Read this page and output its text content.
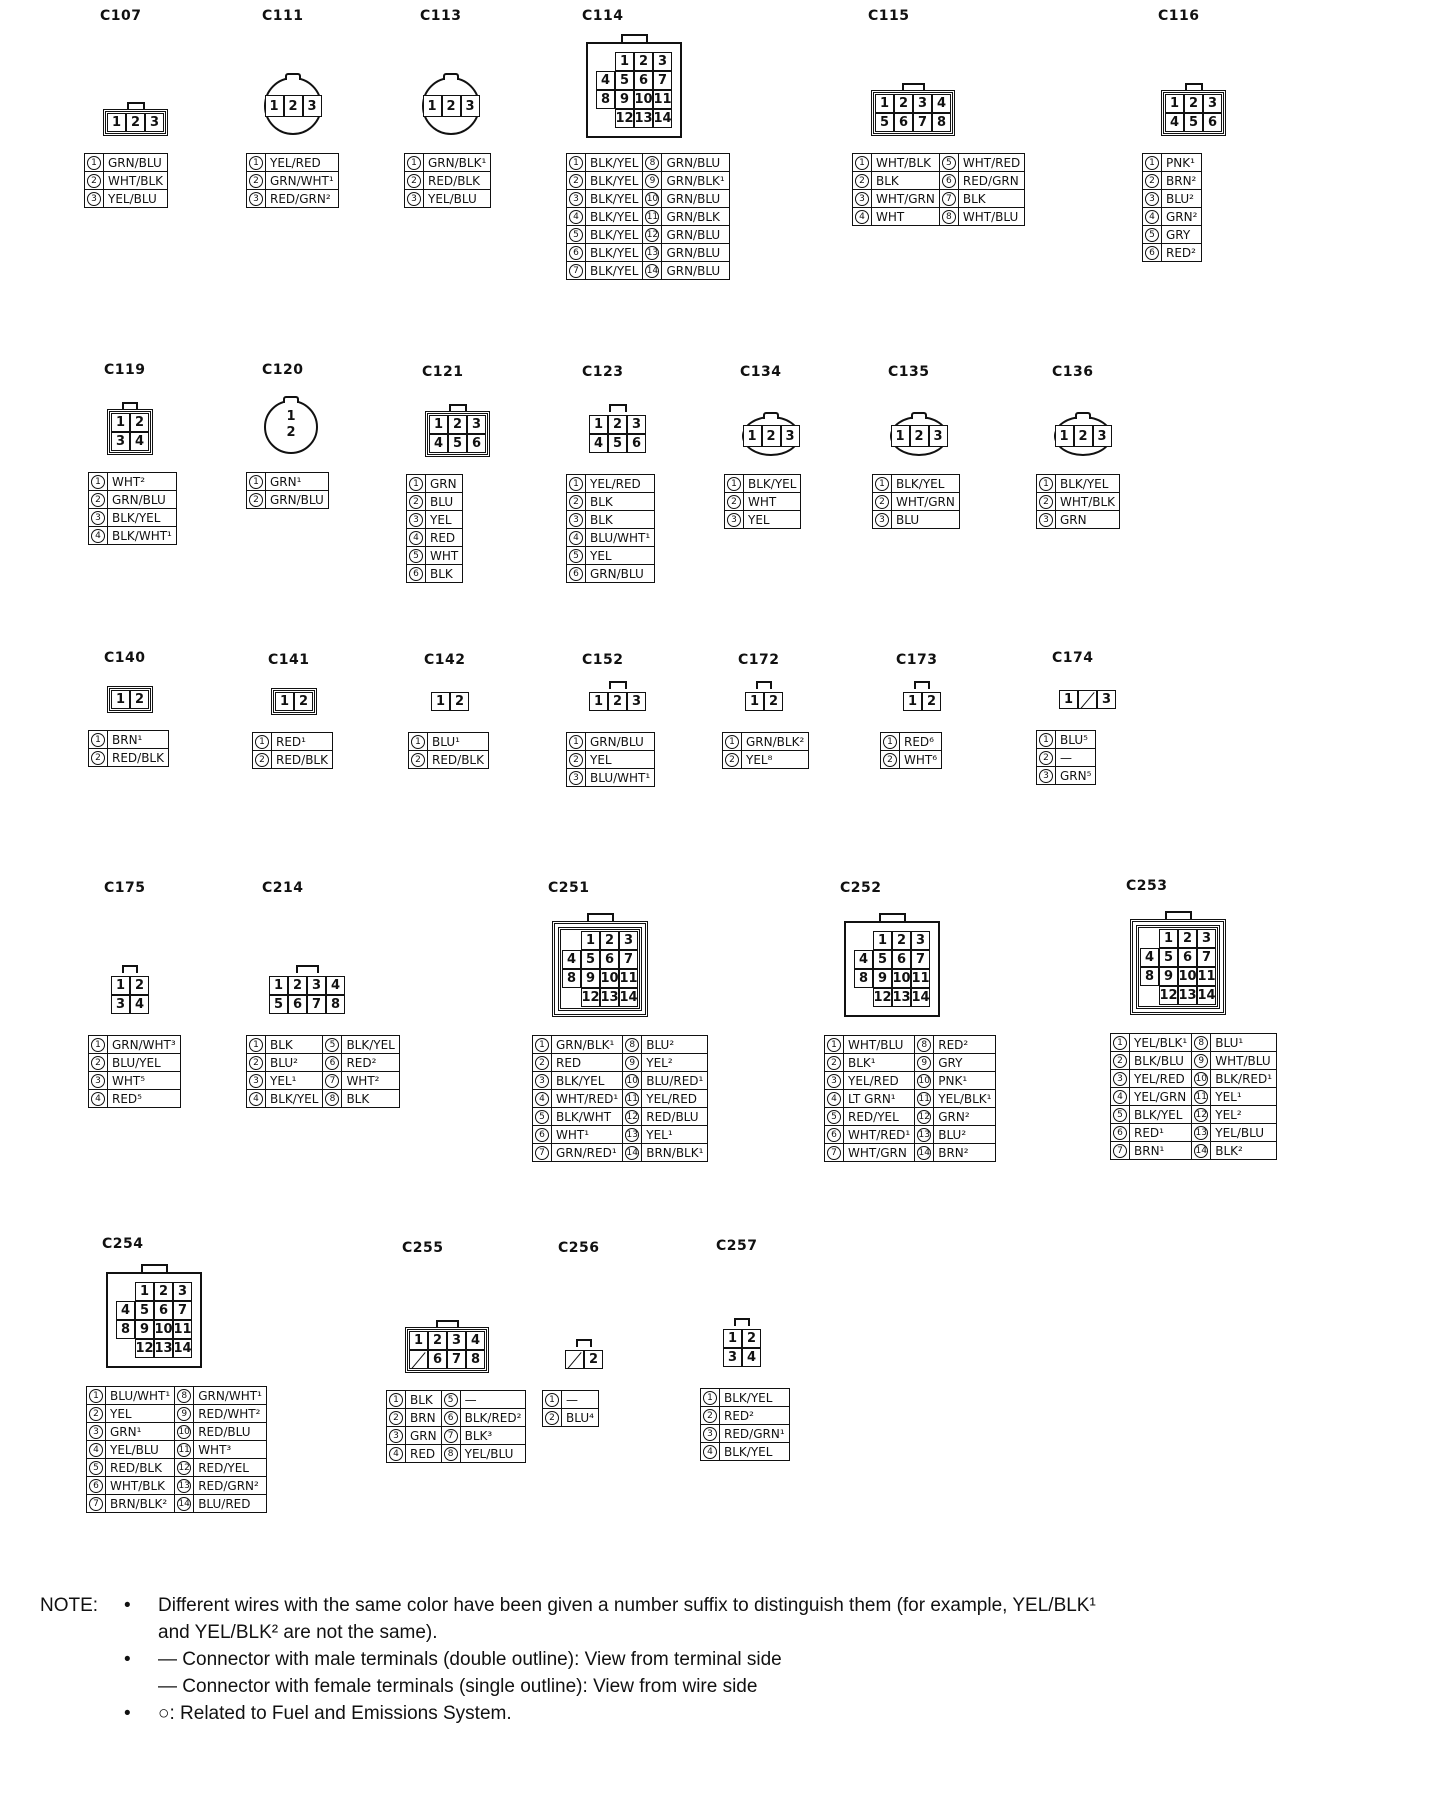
C107
1 2 3
1	GRN/BLU
2	WHT/BLK
3	YEL/BLU
C111
1 2 3
1	YEL/RED
2	GRN/WHT¹
3	RED/GRN²
C113
1 2 3
1	GRN/BLK¹
2	RED/BLK
3	YEL/BLU
C114
1 2 3
4 5 6 7
8 9 10 11
12 13 14
1	BLK/YEL	8	GRN/BLU
2	BLK/YEL	9	GRN/BLK¹
3	BLK/YEL	10	GRN/BLU
4	BLK/YEL	11	GRN/BLK
5	BLK/YEL	12	GRN/BLU
6	BLK/YEL	13	GRN/BLU
7	BLK/YEL	14	GRN/BLU
C115
1 2 3 4
5 6 7 8
1	WHT/BLK	5	WHT/RED
2	BLK	6	RED/GRN
3	WHT/GRN	7	BLK
4	WHT	8	WHT/BLU
C116
1 2 3
4 5 6
1	PNK¹
2	BRN²
3	BLU²
4	GRN²
5	GRY
6	RED²
C119
1 2
3 4
1	WHT²
2	GRN/BLU
3	BLK/YEL
4	BLK/WHT¹
C120
1
2
1	GRN¹
2	GRN/BLU
C121
1 2 3
4 5 6
1	GRN
2	BLU
3	YEL
4	RED
5	WHT
6	BLK
C123
1 2 3
4 5 6
1	YEL/RED
2	BLK
3	BLK
4	BLU/WHT¹
5	YEL
6	GRN/BLU
C134
1 2 3
1	BLK/YEL
2	WHT
3	YEL
C135
1 2 3
1	BLK/YEL
2	WHT/GRN
3	BLU
C136
1 2 3
1	BLK/YEL
2	WHT/BLK
3	GRN
C140
1 2
1	BRN¹
2	RED/BLK
C141
1 2
1	RED¹
2	RED/BLK
C142
1 2
1	BLU¹
2	RED/BLK
C152
1 2 3
1	GRN/BLU
2	YEL
3	BLU/WHT¹
C172
1 2
1	GRN/BLK²
2	YEL⁸
C173
1 2
1	RED⁶
2	WHT⁶
C174
1	3
1	BLU⁵
2	—
3	GRN⁵
C175
1 2
3 4
1	GRN/WHT³
2	BLU/YEL
3	WHT⁵
4	RED⁵
C214
1 2 3 4
5 6 7 8
1	BLK	5	BLK/YEL
2	BLU²	6	RED²
3	YEL¹	7	WHT²
4	BLK/YEL	8	BLK
C251
1 2 3
4 5 6 7
8 9 10 11
12 13 14
1	GRN/BLK¹	8	BLU²
2	RED	9	YEL²
3	BLK/YEL	10	BLU/RED¹
4	WHT/RED¹	11	YEL/RED
5	BLK/WHT	12	RED/BLU
6	WHT¹	13	YEL¹
7	GRN/RED¹	14	BRN/BLK¹
C252
1 2 3
4 5 6 7
8 9 10 11
12 13 14
1	WHT/BLU	8	RED²
2	BLK¹	9	GRY
3	YEL/RED	10	PNK¹
4	LT GRN¹	11	YEL/BLK¹
5	RED/YEL	12	GRN²
6	WHT/RED¹	13	BLU²
7	WHT/GRN	14	BRN²
C253
1 2 3
4 5 6 7
8 9 10 11
12 13 14
1	YEL/BLK¹	8	BLU¹
2	BLK/BLU	9	WHT/BLU
3	YEL/RED	10	BLK/RED¹
4	YEL/GRN	11	YEL¹
5	BLK/YEL	12	YEL²
6	RED¹	13	YEL/BLU
7	BRN¹	14	BLK²
C254
1 2 3
4 5 6 7
8 9 10 11
12 13 14
1	BLU/WHT¹	8	GRN/WHT¹
2	YEL	9	RED/WHT²
3	GRN¹	10	RED/BLU
4	YEL/BLU	11	WHT³
5	RED/BLK	12	RED/YEL
6	WHT/BLK	13	RED/GRN²
7	BRN/BLK²	14	BLU/RED
C255
1 2 3 4
6 7 8
1	BLK	5	—
2	BRN	6	BLK/RED²
3	GRN	7	BLK³
4	RED	8	YEL/BLU
C256
2
1	—
2	BLU⁴
C257
1 2
3 4
1	BLK/YEL
2	RED²
3	RED/GRN¹
4	BLK/YEL
NOTE: • Different wires with the same color have been given a number suffix to distinguish them (for example, YEL/BLK¹
and YEL/BLK² are not the same).
• — Connector with male terminals (double outline): View from terminal side
— Connector with female terminals (single outline): View from wire side
• ○: Related to Fuel and Emissions System.
